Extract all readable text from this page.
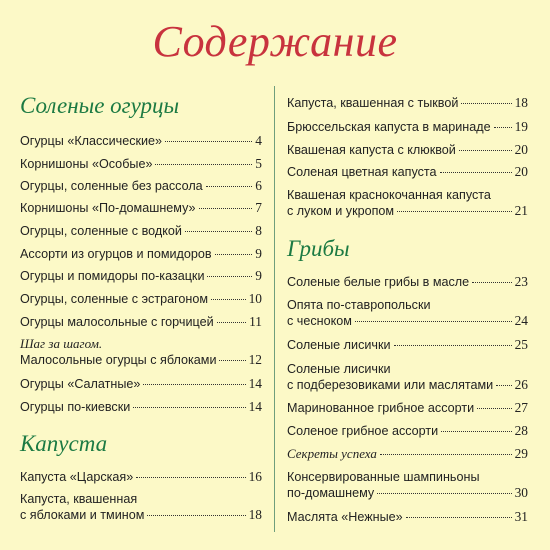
Содержание
Соленые огурцы
Огурцы «Классические»	4
Корнишоны «Особые»	5
Огурцы, соленные без рассола	6
Корнишоны «По-домашнему»	7
Огурцы, соленные с водкой	8
Ассорти из огурцов и помидоров	9
Огурцы и помидоры по-казацки	9
Огурцы, соленные с эстрагоном	10
Огурцы малосольные с горчицей	11
Шаг за шагом.
Малосольные огурцы с яблоками 12
Огурцы «Салатные»	14
Огурцы по-киевски	14
Капуста
Капуста «Царская»	16
Капуста, квашенная
с яблоками и тмином	18
Капуста, квашенная с тыквой	18
Брюссельская капуста в маринаде 19
Квашеная капуста с клюквой	20
Соленая цветная капуста	20
Квашеная краснокочанная капуста
с луком и укропом	21
Грибы
Соленые белые грибы в масле	23
Опята по-ставропольски
с чесноком	24
Соленые лисички	25
Соленые лисички
с подберезовиками или маслятами 26
Маринованное грибное ассорти	27
Соленое грибное ассорти	28
Секреты успеха	29
Консервированные шампиньоны
по-домашнему	30
Маслята «Нежные»	31
